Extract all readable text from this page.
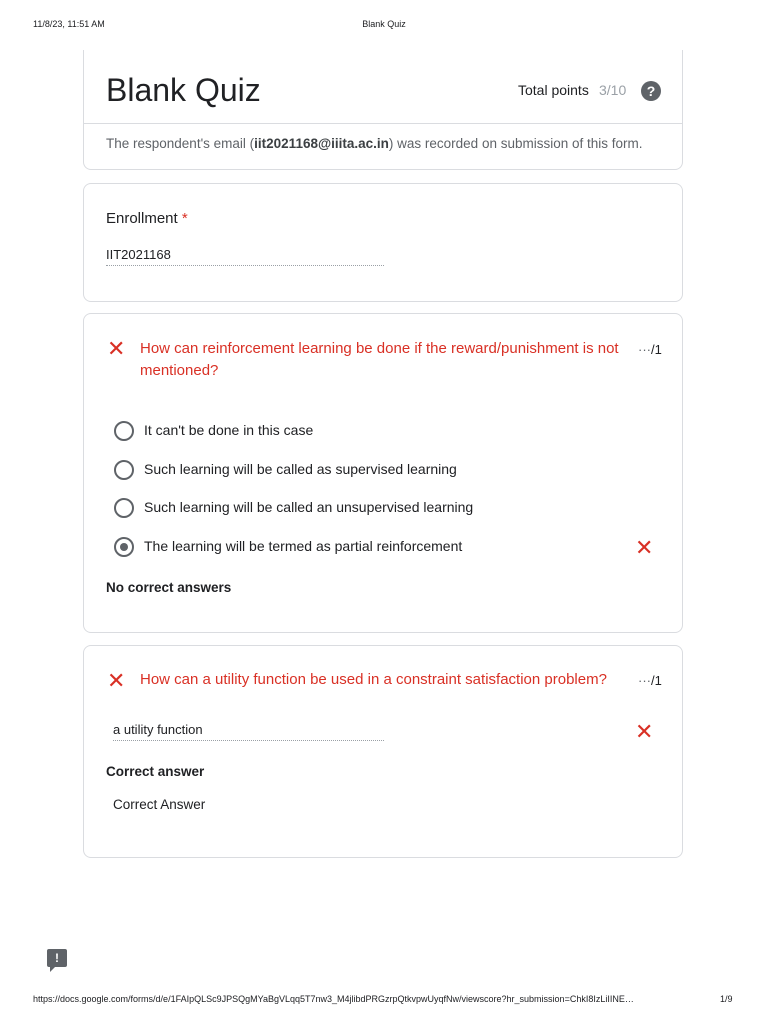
11/8/23, 11:51 AM	Blank Quiz
Blank Quiz	Total points 3/10	?
The respondent's email (iit2021168@iiita.ac.in) was recorded on submission of this form.
Enrollment *
IIT2021168
✕ How can reinforcement learning be done if the reward/punishment is not mentioned?
···/1
It can't be done in this case
Such learning will be called as supervised learning
Such learning will be called an unsupervised learning
The learning will be termed as partial reinforcement	✕
No correct answers
✕ How can a utility function be used in a constraint satisfaction problem?	···/1
a utility function	✕
Correct answer
Correct Answer
!
https://docs.google.com/forms/d/e/1FAIpQLSc9JPSQgMYaBgVLqq5T7nw3_M4jlibdPRGzrpQtkvpwUyqfNw/viewscore?hr_submission=ChkI8IzLiIINE…	1/9
